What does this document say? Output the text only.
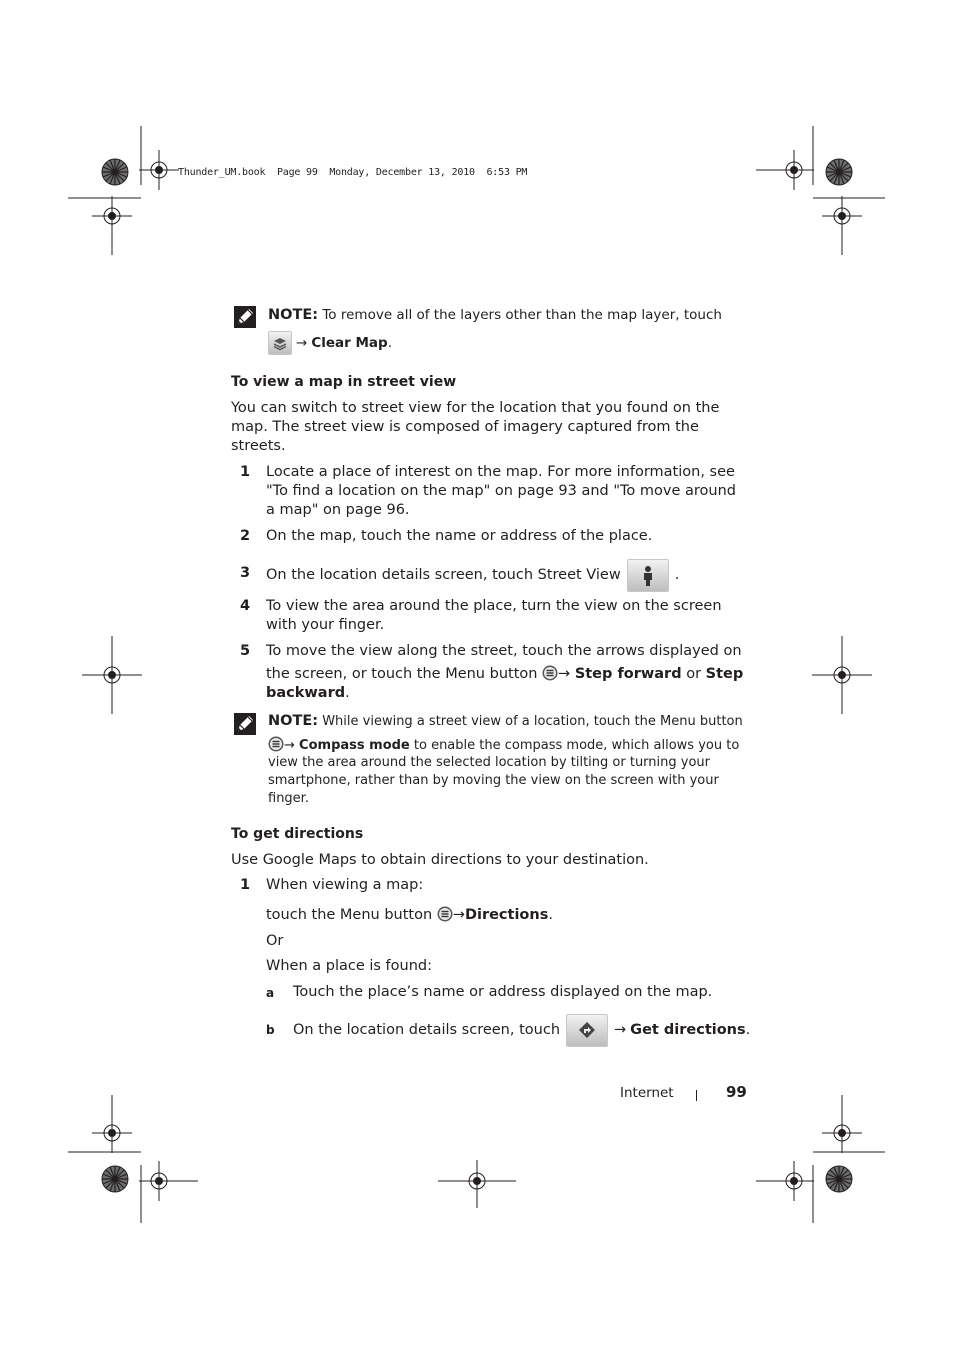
Thunder_UM.book  Page 99  Monday, December 13, 2010  6:53 PM
NOTE: To remove all of the layers other than the map layer, touch
→ Clear Map .
To view a map in street view
You can switch to street view for the location that you found on the
map. The street view is composed of imagery captured from the
streets.
1 Locate a place of interest on the map. For more information, see
"To find a location on the map" on page 93 and "To move around
a map" on page 96.
2 On the map, touch the name or address of the place.
3 On the location details screen, touch Street View	.
4 To view the area around the place, turn the view on the screen
with your finger.
5 To move the view along the street, touch the arrows displayed on
the screen, or touch the Menu button → Step forward or Step
backward.
NOTE: While viewing a street view of a location, touch the Menu button
→ Compass mode to enable the compass mode, which allows you to
view the area around the selected location by tilting or turning your
smartphone, rather than by moving the view on the screen with your
finger.
To get directions
Use Google Maps to obtain directions to your destination.
1 When viewing a map:
touch the Menu button →Directions.
Or
When a place is found:
a Touch the place’s name or address displayed on the map.
b On the location details screen, touch	→ Get directions .
Internet	99
